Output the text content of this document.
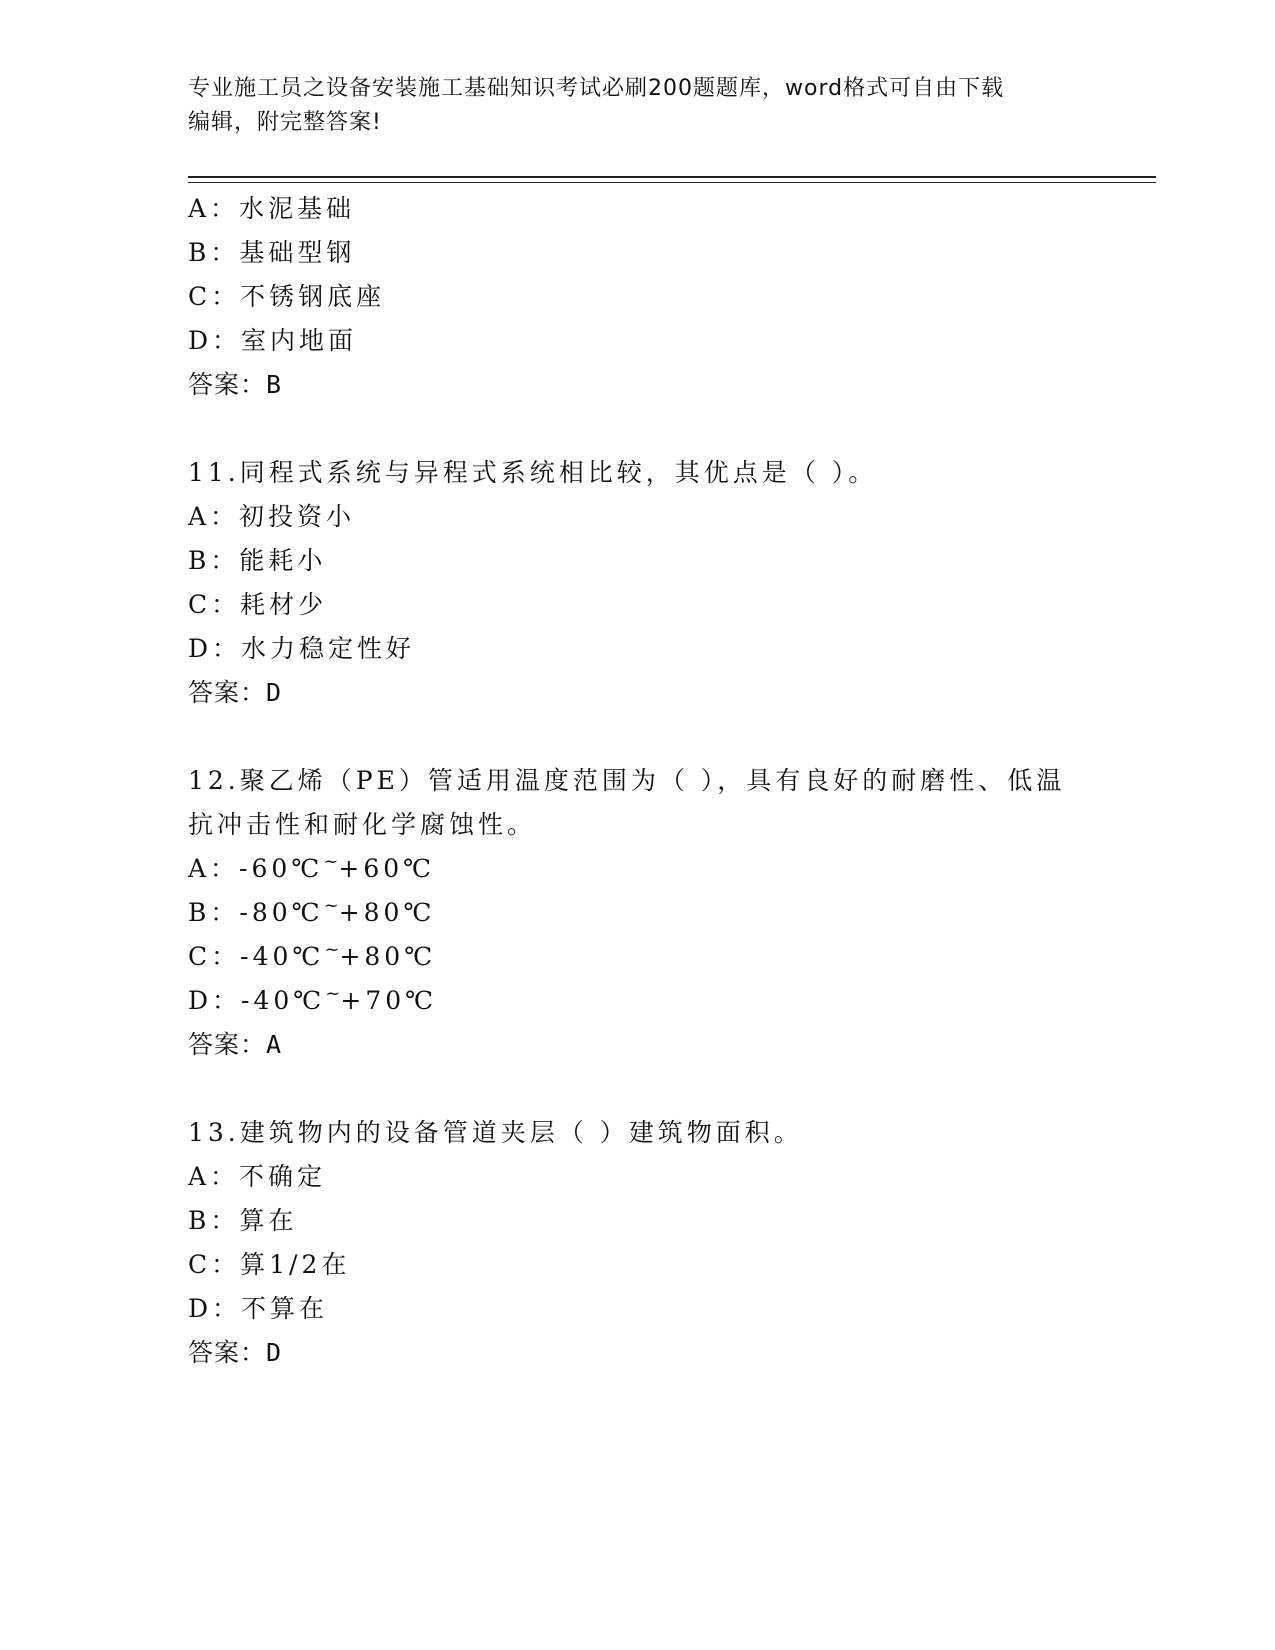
专业施工员之设备安装施工基础知识考试必刷200题题库，word格式可自由下载
编辑，附完整答案!
A：水泥基础
B：基础型钢
C：不锈钢底座
D：室内地面
答案：B
11.同程式系统与异程式系统相比较，其优点是（ ）。
A：初投资小
B：能耗小
C：耗材少
D：水力稳定性好
答案：D
12.聚乙烯（PE）管适用温度范围为（ ），具有良好的耐磨性、低温
抗冲击性和耐化学腐蚀性。
A：-60℃~+60℃
B：-80℃~+80℃
C：-40℃~+80℃
D：-40℃~+70℃
答案：A
13.建筑物内的设备管道夹层（ ）建筑物面积。
A：不确定
B：算在
C：算1/2在
D：不算在
答案：D
